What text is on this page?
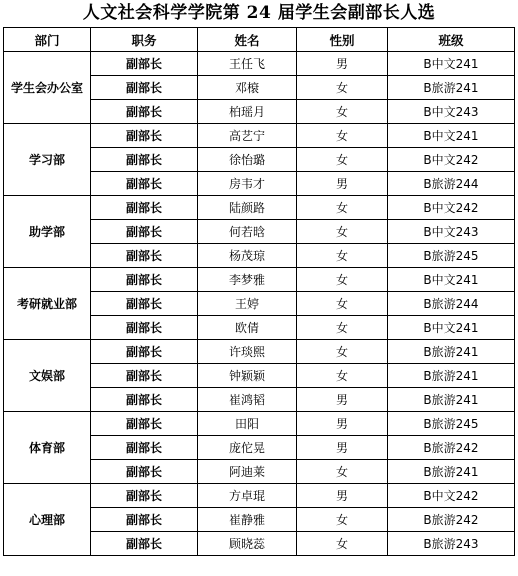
人文社会科学学院第 24 届学生会副部长人选
部门	职务	姓名	性别	班级
学生会办公室	副部长	王任飞	男	B中文241
	副部长	邓榱	女	B旅游241
	副部长	柏瑶月	女	B中文243
学习部	副部长	高艺宁	女	B中文241
	副部长	徐怡璐	女	B中文242
	副部长	房韦才	男	B旅游244
助学部	副部长	陆颜路	女	B中文242
	副部长	何若晗	女	B中文243
	副部长	杨茂琼	女	B旅游245
考研就业部	副部长	李梦雅	女	B中文241
	副部长	王婷	女	B旅游244
	副部长	欧倩	女	B中文241
文娱部	副部长	许琰熙	女	B旅游241
	副部长	钟颖颖	女	B旅游241
	副部长	崔鸿韬	男	B旅游241
体育部	副部长	田阳	男	B旅游245
	副部长	庞佗晃	男	B旅游242
	副部长	阿迪莱	女	B旅游241
心理部	副部长	方卓琨	男	B中文242
	副部长	崔静雅	女	B旅游242
	副部长	顾晓蕊	女	B旅游243
